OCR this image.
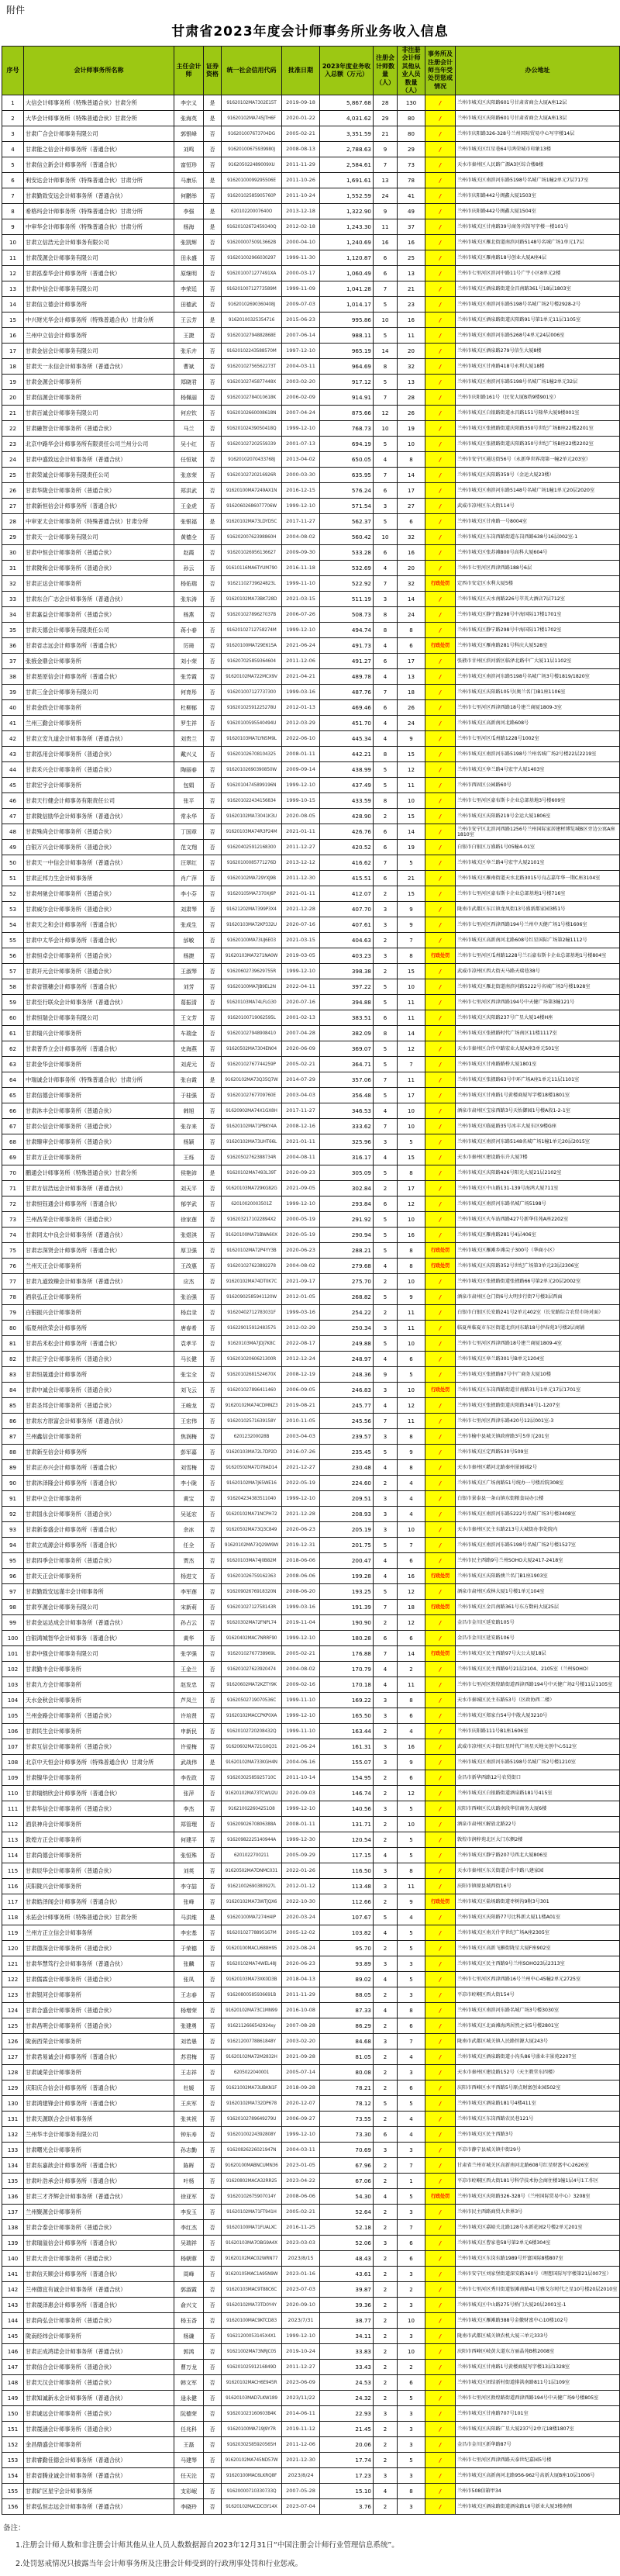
附件
甘肃省2023年度会计师事务所业务收入信息
序号	会计师事务所名称	主任会计师	证券资格	统一社会信用代码	批准日期	2023年度业务收入总额（万元）	注册会计师数量（人）	非注册会计师其他从业人员数量（人）	事务所及注册会计师当年受处罚惩戒情况	办公地址
1	大信会计师事务所（特殊普通合伙）甘肃分所	李宗义	是	91620102MA7302E15T	2019-09-18	5,867.68	28	130	/	兰州市城关区庆阳路601号甘肃省商会大厦A座12层
2	大华会计师事务所（特殊普通合伙）甘肃分所	张海英	是	91620102MA745JTH6F	2020-01-22	4,031.62	29	80	/	兰州市城关区庆阳路601号甘肃省商会大厦A座13层
3	甘肃广合会计师事务有限公司	郭银峰	否	916201007673704DG	2005-02-21	3,351.59	21	80	/	兰州市庆阳路326-328号兰州国际贸易中心写字楼14层
4	甘肃能之信会计师事务所（普通合伙）	刘鸣	否	91620100675939980J	2008-08-13	2,788.63	9	29	/	兰州市城关区红星巷64号鸿荣城市印象13楼
5	甘肃信立新会计师事务所（普通合伙）	富恒珍	否	916205022489009XU	2011-11-29	2,584.61	7	73	/	天水市秦州区人民路广源A3区综合楼8楼
6	利安达会计师事务所（特殊普通合伙）甘肃分所	马康乐	是	91620100099295506E	2011-10-26	1,691.61	13	78	/	兰州市城关区南滨河东路5198号名城广场1幢2单元7层717室
7	甘肃勤致安远会计师事务所（普通合伙）	何鹏举	否	91620102585905760P	2011-10-24	1,552.59	24	41	/	兰州市庆阳路442号闽鑫大厦1503室
8	希格玛会计师事务所（特殊普通合伙）甘肃分所	李强	是	62010220007640O	2013-12-18	1,322.90	9	49	/	兰州市庆阳路442号闽鑫大厦1504室
9	中审华会计师事务所（特殊普通合伙）甘肃分所	杨海	是	91620102672459340Q	2012-02-18	1,243.30	11	37	/	兰州市城关区甘南路39号商务宾馆写字楼一楼101号
10	甘肃立信浩元会计师事务有限公司	张凯辉	否	91620000750913662B	2000-04-10	1,240.69	16	16	/	兰州市城关区雁北街道南滨河路5148号名城广场1单元17层
11	甘肃茂源会计师事务有限公司	田永盛	否	916201002966030297	1999-11-30	1,120.87	6	25	/	兰州市城关区雁南路18号创业大厦A座4层
12	甘肃泓泰华会计师事务所（普通合伙）	原继明	否	9162010071277491XA	2000-03-17	1,060.49	6	13	/	兰州市七里河区滨河中路11号广宇小区8单元2楼
13	甘肃中信会计师事务有限公司	李荣廷	否	91620100712773589M	1999-11-09	1,041.28	7	21	/	兰州市城关区酒泉路街道金昌南路361号18层1803室
14	甘肃信立德会计师事务所	田德武	否	91620102690360408J	2009-07-03	1,014.17	5	23	/	兰州市城关区南滨河东路5198号名城广场2号楼2928-2号
15	中兴财光华会计师事务所（特殊普通合伙）甘肃分所	王云芳	是	91620100325354716	2015-06-23	995.86	10	16	/	兰州市城关区酒泉路街道庆阳路91号第1单元11层1105室
16	兰州中立信会计师事务所	王捷	否	91620102794882868E	2007-06-14	988.11	5	11	/	兰州市城关区南滨河东路5268号4单元24层006室
17	甘肃金信会计师事务有限公司	张乐卉	否	91620102243588570M	1997-12-10	965.19	14	20	/	兰州市城关区酒泉路279号信生大厦8楼
18	甘肃天一永信会计师事务所（普通合伙）	曹斌	否	91620102756562273T	2004-03-11	964.69	8	32	/	兰州市城关区甘南路418号永利大厦18楼
19	甘肃金源会计师事务所	郑晓君	否	91620102745877448X	2003-02-20	917.12	5	13	/	兰州市城关区南滨河东路5198号名城广场1幢2单元32层
20	甘肃信源会计师事务所	杨佩丽	否	91620102784010618K	2006-02-09	914.91	7	28	/	兰州市庆阳路161号（民安大厦B塔9楼901室）
21	甘肃百诚会计师事务有限公司	何应钦	否	91620102660008618N	2007-04-24	875.66	12	26	/	兰州市城关区白银路街道永昌路151号隆华大厦9楼001室
22	甘肃融智会计师事务所（普通合伙）	马兰	否	91620102439050418Q	1999-12-10	768.73	10	19	/	兰州市城关区张掖路街道庆阳路350号世纪广场B座22楼2201室
23	北京中路华会计师事务所有限责任公司兰州分公司	吴小红	否	916201027202559339	2001-07-13	694.19	5	10	/	兰州市城关区张掖路街道庆阳路350号世纪广场B座22楼2202室
24	甘肃中盛致远会计师事务所（普通合伙）	任恒斌	否	91620102070433768J	2013-04-02	650.05	4	8	/	兰州市安宁区通达街56号（永新华世界湾第一幢2单元203室）
25	甘肃荣诚会计师事务有限责任公司	张彦荣	否	91620102720216926R	2000-03-30	635.95	7	14	/	兰州市城关区庆阳路359号（金运大厦23楼）
26	甘肃华陇会计师事务所（普通合伙）	郑洪武	否	91620100MA7249AX1N	2016-12-15	576.24	6	17	/	兰州市城关区南滨河东路5148号名城广场1幢1单元20层2020室
27	甘肃新恒信会计师事务所（普通合伙）	王金虎	否	91620602686077706W	1999-12-10	571.54	3	27	/	武威市凉州区东大街114号
28	中审亚太会计师事务所（特殊普通合伙）甘肃分所	张银福	是	91620102MA73LDYD5C	2017-11-27	562.37	5	6	/	兰州市城关区甘南路一号8004室
29	甘肃天一会计师事务有限公司	黄德全	否	91620200762398860H	2004-08-02	560.42	10	32	/	兰州市城关区东岗西路街道东岗西路638号16层002室-1
30	甘肃中恒会计师事务所（普通合伙）	赵霞	否	916201026956136627	2009-09-30	533.28	6	16	/	兰州市城关区张苏滩800号高科大厦604号
31	甘肃陇和会计师事务所（普通合伙）	孙云	否	91610116MA6TYUM790	2016-11-18	532.69	4	20	/	兰州市七里河区西津西路188号6层
32	甘肃正达会计师事务所	杨佑瑞	否	91621102739624823L	1999-11-10	522.92	7	32	行政处罚	定西市安定区水利大厦5楼
33	甘肃东合广志会计师事务所（普通合伙）	张东涛	否	91620102MA73BK728D	2021-03-15	511.19	3	14	/	兰州市城关区天水南路226号萃英大酒店7层712室
34	甘肃嘉益会计师事务所（普通合伙）	杨燕	否	91620102789627037B	2006-07-26	508.73	8	24	/	兰州市城关区静宁路298号中海国际17楼1701室
35	甘肃天德会计师事务有限责任公司	蒋小春	否	91620102712758274M	1999-12-10	494.74	8	8	/	兰州市城关区静宁路298号中海国际17楼1702室
36	甘肃省志远会计师事务所（普通合伙）	厉琦	否	91620100MA729E615A	2021-06-24	491.73	4	6	行政处罚	兰州市城关区雁南路281号科庆大厦528室
37	张掖金鼎会计师事务所	刘小荣	否	916207025859364604	2011-12-06	491.27	6	17	/	张掖市甘州区滨河新区临泽北路中广大厦11层1102室
38	甘肃星原信会计师事务所（普通合伙）	张芳霞	否	91620102MA722MCX9V	2021-04-21	489.78	4	13	/	兰州市城关区南滨河东路5198号名城广场3号楼1819/1820室
39	甘肃三金会计师事务有限公司	何育彤	否	916201007127737300	1999-03-16	487.76	7	18	/	兰州市城关区庆阳路105号(奥兰名门)B1座1106室
40	甘肃金政会计师事务所	杜柳郁	否	91620102591225278U	2012-01-13	469.46	6	26	/	兰州市七里河区西津西路18号建兰商厦1809-3室
41	兰州三勤会计师事务所	罗生祥	否	91620100595540494U	2012-03-29	451.70	4	24	/	兰州市城关区高新南河北路608号
42	甘肃立安九道会计师事务所（普通合伙）	刘贵兰	否	91620103MA7LYN5M9L	2022-06-10	445.34	4	9	/	兰州市七里河区瓜州路1228号1002室
43	甘肃泓用会计师事务所（普通合伙）	戴兴义	否	916201026708104325	2008-01-11	442.21	8	15	/	兰州市城关区南滨河东路5198号兰州名城广场2号楼22层2219室
44	甘肃禾兴会计师事务所（普通合伙）	陶丽春	否	91620102690390850W	2009-09-14	438.99	5	12	/	兰州市城关区皋兰路4号宏宇大厦1403室
45	甘肃宏宇会计师事务所	包娟	否	91620104745899196N	1999-12-10	437.49	5	11	/	兰州市西固区公园路60号
46	甘肃天行健会计师事务有限责任公司	张平	否	916201022434156834	1999-10-15	433.59	8	10	/	兰州市七里河区豪布斯卡企业总部基地3号楼609室
47	甘肃陇信励华会计师事务所（普通合伙）	常永华	否	91620102MA73041K3U	2020-08-05	428.90	2	15	/	兰州市城关区庆阳路219号金运大厦1806室
48	甘肃殊尚会计师事务所（普通合伙）	丁国章	否	91620103MA74R3P24M	2021-01-11	426.76	6	14	/	兰州市安宁区北滨河西路1256号兰州国际家居建材博览城B区旁边公寓A座1810室
49	白银万兴会计师事务所（普通合伙）	范文翔	否	916204025912168300	2011-12-27	420.52	6	19	/	白银市白银区万盛路1号05幢4-01室
50	甘肃天一中信会计师事务所（普通合伙）	汪翠红	否	91620100085771276D	2013-12-12	416.62	7	5	/	兰州市城关区皋兰路4号宏宇大厦2101室
51	甘肃正邦力生会计师事务所	肖广萍	否	91620102MA729YXJ9B	2011-12-30	415.51	6	21	/	兰州市城关区雁南街道天水北路3015号良志嘉年华一期C座3104室
52	甘肃州驰会计师事务所（普通合伙）	李小芬	否	91620105MA7370XJ6P	2021-01-11	412.07	2	15	/	兰州市七里河区豪布斯卡企业总部基地1号楼716室
53	甘肃威尔会计师事务所（普通合伙）	刘肃琴	否	91621202MA7399P3X4	2021-12-28	407.70	3	9	/	陇南市武都区东江镇龙凤街13号盛新都家园3栋1号
54	甘肃天之和会计师事务所（普通合伙）	张成生	否	91620103MA72KP332U	2020-07-16	407.61	3	9	/	兰州市七里河区西津西路194号兰州中天健广场1号楼1606室
55	甘肃中太华会计师事务所（普通合伙）	邰敏	否	91620100MA73UJ6E03	2021-03-15	404.63	2	7	/	兰州市城关区高新南河北路608号红星国际广场第2幢1112号
56	甘肃恒卓会计师事务所（普通合伙）	杨捷	否	91620103MA7271NA0W	2019-03-05	403.23	3	8	行政处罚	兰州市七里河区瓜州路1228号兰石豪布斯卡企业总部基地1号楼804室
57	甘肃开元会计师事务所（普通合伙）	王淑琴	否	91620602739629755R	1999-12-10	398.38	2	15	/	武威市凉州区西大街天马路天瑞巷38号
58	甘肃省银穗会计师事务所（普通合伙）	刘芳	否	91620100MA7JB9EL2N	2022-04-11	397.22	5	10	/	兰州市城关区雁北街道南滨河路5222号名城广场3号楼1928室
59	甘肃至行联众会计师事务所（普通合伙）	葛振清	否	91620103MA74LFLG30	2020-07-16	394.88	5	11	/	兰州市七里河区西津西路194号中天健广场第3幢121号
60	甘肃恒瑞会计师事务有限公司	王文芳	否	91620100719062595L	2001-02-13	383.51	6	11	/	兰州市城关区庆阳路237号广星大厦14楼H座
61	甘肃瑞兴会计师事务所	车瑞金	否	916201027948908410	2007-04-28	382.09	8	14	/	兰州市城关区张掖路时代广场南区11楼1117室
62	甘肃普乔立会计师事务所（普通合伙）	史海燕	否	91620502MA7304EN04	2020-06-09	369.07	5	12	/	天水市秦州区合作中路宏业大厦A座3单元501室
63	甘肃金华会计师事务所	刘虎元	否	91620102767744259P	2005-02-21	364.71	5	7	/	兰州市城关区甘南路路桥大厦1801室
64	中瑞诚会计师事务所（特殊普通合伙）甘肃分所	张自霞	是	91620102MA73Q35Q7W	2014-07-29	357.06	7	11	/	兰州市城关区张掖路63号中环广场A座1单元11层1101室
65	甘肃信德会计师事务所	于桂强	否	91620102767709760E	2003-04-03	356.48	5	17	/	兰州市城关区甘南路1号黄楼商厦写字楼18楼1801室
66	甘肃沐丰会计师事务所（普通合伙）	韩旭	否	91620902MA74X1GX8H	2017-11-27	346.53	4	10	/	酒泉市肃州区宝泉西路3号天怡御园1号楼A段1-2-1室
67	甘肃公信会计师事务所（普通合伙）	张存来	否	91620102MA71PBKY4A	2008-12-16	333.62	7	10	/	兰州市城关区临夏路35号冰丰大厦东区9楼G座
68	甘肃臻审会计师事务所（普通合伙）	杨颖	否	91620102MA73UHT66L	2021-01-11	325.96	3	5	/	兰州市城关区南滨河东路5148名城广场1幢1单元20层2015室
69	甘肃方正会计师事务所	王烁	否	91620502762388734R	2004-08-11	316.17	4	15	/	天水市秦州区建设路东升大厦7楼
70	鹏通会计师事务所（特殊普通合伙）甘肃分所	侯艳沛	是	91620102MA7493L39T	2020-09-23	305.09	5	8	/	兰州市城关区庆阳路426号阳光大厦21层2102室
71	甘肃方信浩远会计师事务所（普通合伙）	刘天平	否	91620103MA729KG82G	2021-09-05	302.84	2	17	/	兰州市城关区中山路131-139号海鸿大厦711室
72	甘肃恒钰通会计师事务所（普通合伙）	郁学武	否	62010020003501Z	1999-12-10	293.84	6	12	/	兰州市城关区南滨河东路名城广场5198号
73	兰州昌荣会计师事务所（普通合伙）	徐家莲	否	9162032171022894X2	2000-05-19	291.92	5	10	/	兰州市城关区火车站西路427号新华佳苑A座2202室
74	甘肃同太中良会计师事务所（普通合伙）	张煜淇	否	91620100MA71BWA60X	2020-05-19	290.94	5	16	/	兰州市城关区雁南路281号4层406室
75	甘肃志深贤会计师事务所（普通合伙）	厚卫强	否	91620102MA72P4YY3B	2020-06-23	288.21	5	8	行政处罚	兰州市城关区雁滩乡滩尖子300号（华商小区）
76	兰州天正会计师事务所	王改惠	否	916201027623892278	2004-08-02	279.68	4	8	行政处罚	兰州市城关区庆阳路352号世纪广场第3单元23层2306室
77	甘肃九道致臻会计师事务所（普通合伙）	应杰	否	91620102MA74DT0K7C	2021-09-17	275.70	2	10	/	兰州市城关区张掖路街道张掖路66号第2单元20层2002室
78	酒泉弘正会计师事务所	张治强	否	91620902585941120W	2012-01-05	268.82	5	9	/	酒泉市肃州区仓门街6号大明步行街7号楼3层西面
79	白银振兴会计师事务所	杨启录	否	91620402712783031F	1999-03-16	254.22	2	11	/	白银市白银区长安路241号2单元402室（长安路综合农贸市场对面）
80	临夏州欣荣会计师事务所	唐春希	否	91622901591248357S	2012-02-29	250.34	3	11	/	临夏州临夏市东区街道北滨河东路18号伊春苑3号楼2层商铺
81	甘肃岳禾松会计师事务所（普通合伙）	袁孝平	否	91620103MA7JDJ7K8C	2022-08-17	249.88	5	10	/	兰州市七里河区西津西路18号建兰商厦1809-4室
82	甘肃正宇会计师事务所（普通合伙）	马长健	否	91620102060621300R	2012-12-24	248.97	4	6	/	兰州市城关区皋兰路301号B单元1204室
83	甘肃恒晟通会计师事务所	张宝全	否	91620102681524670X	2008-12-19	248.36	9	5	/	兰州市城关区张掖路87号中广商务大厦10楼
84	甘肃中诚会计师事务所（普通合伙）	刘飞云	否	916201027896411460	2006-09-05	246.83	3	10	行政处罚	兰州市城关区东岗西路街道甘南路31号1单元17层1701室
85	甘肃圣邦会计师事务所（普通合伙）	王峻龙	否	91620102MA74CDMNZ3	2019-08-21	245.77	4	12	/	兰州市城关区张掖路街道庆阳路348号1-1207室
86	甘肃东方原富会计师事务所（普通合伙）	王宏伟	否	91620102571639158Y	2010-11-05	245.56	7	11	/	兰州市七里河区西津东路420号12层001室-3
87	兰州鑫信会计师事务所	焦润梅	否	620123200028B	2003-04-03	239.57	3	8	/	兰州市榆中县城关镇政府路3号5单元201室
88	甘肃新至信会计师事务所	彭军嘉	否	91620103MA72L7DP2D	2016-07-26	235.45	5	9	/	兰州市城关区定西路530号509室
89	甘肃正亦兴会计师事务所（普通合伙）	刘雪梅	否	91620502MA7D78AD14	2021-12-27	230.48	4	8	/	天水市秦州区藉河北路秦州景园城2号
90	甘肃沐泽隆会计师事务所（普通合伙）	李小陇	否	91620102MA7J65WE16	2022-05-19	224.60	2	4	/	兰州市城关区广场南路51号统办一号楼后院308室
91	甘肃中立会计师事务所	黄宝	否	916204234383511040	1999-12-10	209.51	3	4	/	白银市景泰县一条山镇东街粮食局办公楼
92	甘肃国永会计师事务所（普通合伙）	吴延宏	否	91620102MA71NCPH72	2021-12-28	208.93	3	4	/	兰州市城关区南滨河东路5222号名城广场3号楼3408室
93	甘肃新泰盛会计师事务所（普通合伙）	余冰	否	91620502MA73Q3C849	2020-06-23	205.19	3	10	/	天水市秦州区民主东路213号大城街办事处院内
94	甘肃立成源会计师事务所（普通合伙）	任全	否	91620102MA73Q29W9W	2019-12-31	201.75	5	7	/	兰州市城关区南滨河东路5198号名城广场2号楼1527室
95	甘肃四季会计师事务所（普通合伙）	贾杰	否	91620103MA74J0B82M	2018-06-06	200.47	4	6	/	兰州市民主西路9号兰州SOHO大厦2417-2418室
96	甘肃天正会计师事务所	杨进文	否	916201026759162363	2008-06-06	199.28	4	16	行政处罚	兰州市城关区庆阳路澳兰名门B1座1903室
97	甘肃勤致安远谨丰会计师事务所	李军莲	否	91620902676918320N	2008-06-20	193.25	5	12	/	酒泉市肃州区成林大厦1号楼1单元104室
98	甘肃亨源会计师事务有限公司	宋新莉	否	91620102712758143R	1999-03-16	191.39	7	18	行政处罚	兰州市城关区金昌南路361号东方数码大厦25层
99	甘肃金运达成会计师事务所（普通合伙）	孙占云	否	91620302MA72FNPL74	2019-11-04	190.90	2	12	/	金昌市金川区延安路105号
100	白银鸿城智华会计师事务（普通合伙）	黄华	否	91620402MAC7NRRF90	1999-12-10	180.28	6	6	/	金昌市金川区延安路106号
101	甘肃中强会计师事务有限公司	张学强	否	91620102767738969L	2005-02-21	176.88	7	14	行政处罚	兰州市城关区民主西路97号大公大厦18层
102	甘肃勤丰会计师事务所	王金兰	否	916201027623920474	2004-08-02	170.79	4	2	/	兰州市城关区民主西路9号21层2104、2105室（兰州SOHO）
103	甘肃九方会计师事务所	赵发忠	否	91620602MA72KZTY9K	2009-02-16	170.18	4	11	/	兰州市七里河区敦煌路街道西津西路194号中天健广场2号楼11层1105室
104	天水金秋会计师事务所	芦凤兰	否	91620502719070536C	1999-11-10	169.22	3	8	/	天水市秦城区民主东路53号（区政协西二楼）
105	兰州金路会计师事务所（普通合伙）	许培贤	否	91620102MACCPKP0XA	1999-12-10	165.50	3	6	/	兰州市城关区郑家台54号中散大厦3210号
106	甘肃民生会计师事务所	申新民	否	91620102720208432Q	1999-11-10	163.44	2	4	/	兰州市庆阳路111号B1座1606室
107	甘肃互信会计师事务所（普通合伙）	许爱梅	否	91620602MA721G0Q31	2021-06-24	161.31	3	16	/	武威市凉州区天丰街红星时代广场星天地文创中心512室
108	北京中天恒会计师事务所（特殊普通合伙）甘肃分所	武战伟	是	91620102MA733KGH4N	2004-06-16	155.07	3	9	/	兰州市城关区南滨河东路5198号名城广场2号楼1210室
109	甘肃镍华会计师事务所	李佐政	否	91620302585925710C	2011-10-14	154.95	2	6	/	金昌市新华西路12号农贸街口
110	甘肃瑞纳欣会计师事务所（普通合伙）	张萍	否	91620102MA73TCWU2U	2020-09-03	146.74	2	12	/	兰州市城关区白银路街道酒泉路181号415室
111	甘肃华信会计师事务所（普通合伙）	李杰	否	916210022604251O8	1999-12-10	140.56	3	5	/	庆阳市西峰区长庆路南段华信商务大厦6楼
112	酒泉神舟会计师事务所	郑管理	否	91620902670806388A	2008-01-11	131.71	2	10	/	酒泉市肃州区解放北路22号
113	敦煌方正会计师事务所	何建平	否	91620982225140944A	1999-12-30	120.54	2	5	/	敦煌市润梓苑北区大门东侧2楼
114	甘肃尚德会计师事务所	张恒殊	否	6201022700211	2005-09-29	117.15	4	5	/	兰州市城关区静宁路207号西北大厦806室
115	甘肃辰华会计师事务所（普通合伙）	刘英	否	91620502MA7DNMC031	2022-01-26	116.50	3	8	/	天水市秦州区东关街道合作中路八建家园
116	庆阳陇兴会计师事务所	李守喆	否	91621002690380927L	2012-01-12	113.48	3	11	/	庆阳市镇原县城西街16号
117	甘肃皓泽闻会计师事务所（普通合伙）	张峰	否	91620102MA73WTJQX6	2022-10-30	112.66	2	9	行政处罚	兰州市城关区盐场路街道枣树沟9附3号301
118	永拓会计师事务所（特殊普通合伙）甘肃分所	马洪维	是	91620100MA7274H4IP	2020-03-24	107.67	5	4	/	兰州市城关区庆阳路77号比科新大厦11楼A01室
119	兰州方正立信会计师事务所	李宏基	否	91620102778895167M	2005-12-02	103.82	4	5	/	兰州市城关区南关什字世纪广场A座2305室
120	甘肃德深会计师事务所（普通合伙）	于荣德	否	91620100MACU688H95	2023-08-24	95.70	2	5	/	兰州市城关区高新飞雁街陇星大厦F座902室
121	甘肃华慧笃行会计师事务所（普通合伙）	张麟	否	91620102MA74WEL48J	2020-06-23	93.89	3	3	/	兰州市城关区民主西路9号兰州SOHO23层2313室
122	甘肃儒霖会计师事务所（普通合伙）	张凤	否	91620103MA73XK0D3B	2018-04-13	89.02	4	5	/	兰州市七里河区西津西路16号兰州中心45幢2单元2725室
123	甘肃银河会计师事务所	王志春	否	91620800585936691B	2011-11-29	88.05	2	3	/	平凉市崆峒区西大街154号
124	甘肃合盛会计师事务所（普通合伙）	杨增荣	否	91620102MA73C1MN99	2016-10-08	87.33	4	8	/	兰州市城关区南滨河东路名城广场3号楼3030室
125	甘肃昌明会计师事务所（普通合伙）	张建勇	否	9162112666542924xy	2007-08-28	86.29	2	6	/	兰州市城关区北面滩海鸿居然之家5号楼2801室
126	陇南西荣会计师事务所	刘若愚	否	91621200778861848Y	2003-02-20	84.68	3	7	/	陇南市武都区城关镇人民路恒源大厦243号
127	甘肃君易诚会计师事务所（普通合伙）	苏君梅	否	91620102MA72M2832H	2021-09-28	81.05	2	4	/	兰州市城关区酒泉路街道小沟头86号盛业丰景苑2207室
128	甘肃诚荣会计师事务所	王志祥	否	6205022040001	2005-07-14	80.08	2	3	/	天水市秦州区建设路152号（天主教堂东四楼）
129	庆阳庆合信会计师事务所（普通合伙）	杜媛	否	91621002MA73UBKN1F	2018-09-28	78.21	2	6	/	庆阳市西峰区水平西路5号原点财富创业园502室
130	甘肃鸿建锋会计师事务所（普通合伙）	王庆军	否	91620102MA732DP678	2020-12-07	78.12	5	5	/	兰州市城关区酒泉路181号4楼411室
131	甘肃天源联合会计师事务所	张其祝	否	91620102789649279U	2006-09-27	73.55	2	4	/	兰州市城关区东岗西路农民巷121号
132	兰州华丰会计师事务有限公司	钟东寿	否	91620100224392808Y	1999-12-10	73.30	6	4	/	兰州市城关区民主西路3号
133	甘肃曙光会计师事务所	孙志勤	否	91620826226021947N	2004-03-11	70.69	3	3	/	平凉市静宁县城关镇中街29号
134	甘肃东嘉歆会计师事务所（普通合伙）	陈晖	否	91620100MABNCUMN36	2023-01-05	67.96	2	7	/	甘肃省兰州市城关区高新南河北路608号红星财富中心2626室
135	甘肃叶浩承会计师事务所（普通合伙）	叶杨	否	91620802MACA32RR25	2023-04-22	67.06	2	1	/	平凉市崆峒区西大街181号科学技术协会商住楼1幢1层4号1工作区
136	甘肃三才齐辉会计师事务所（普通合伙）	徐亚军	否	91620102675907014Y	2008-06-06	54.30	4	5	行政处罚	兰州市城关区庆阳路326-328号（兰州国际贸易中心）3208室
137	兰州聚源会计师事务所	李发玉	否	91620102MA71FT941H	2005-02-21	52.64	2	3	/	兰州市民主西路商贸大世界3号
138	甘肃合泰会计师事务所（普通合伙）	李红杰	否	91620100MA71FUALXC	2016-11-25	52.18	2	7	/	兰州市城关区嘉峪关北路128号永新花园2号楼2单元201室
139	甘肃瑞溢信会计师事务所（普通合伙）	吴瑞祥	否	91620103MA7OBG9A4X	2023-03-03	52.06	3	6	/	兰州市城关区曹家巷58号第2单元6楼304室
140	甘肃大音会计师事务所（普通合伙）	杨朝蓉	否	91620102MAC02WRN77	2023/8/15	48.43	2	6	/	兰州市城关区东岗东路1989号开富国际8楼807室
141	甘肃信天顺会计师事务所（普通合伙）	周峰	否	91620105MAC1A95N9W	2023-01-16	43.61	2	3	/	兰州市安宁区刘家堡街道深安路360号（理想国际写字楼第21层007室）
142	兰州德宜有诚会计师事务所（普通合伙）	郭淑霞	否	91620103MAC9T88C6C	2023-07-03	39.87	2	2	/	兰州市七里河区秀川街道银滩南路41号雅戈尔时代之星10号楼20层2010室
143	甘肃晟泽惠会计师事务所（普通合伙）	俞兴文	否	91620102MA73TD0Y4Y	2020-09-10	39.36	2	3	/	兰州市城关区中山路275号桥门大厦20层2001室-1
144	甘肃尚弘会计师事务所（普通合伙）	杨玉香	否	91620100MAC9KTCD83	2023/7/31	38.77	2	10	/	兰州市城关区雁滩路388号金徽财富中心10楼102号
145	陇南经纬会计师事务所	杨谦	否	91621200053145X4X1	1999-12-10	34.11	2	3	/	陇南市武都区城关镇农机大厦三单元333号
146	甘肃正成鸿诺会计师事务所（普通合伙）	郭鸿	否	91621002MA73NRJC05	2019-10-24	33.83	2	10	/	庆阳市西峰区岐黄大道东方丽晶苑B栋2008室
147	甘肃信合会计师事务所（普通合伙）	曹万龙	否	91620102591216849D	2011-12-27	33.43	2	2	/	兰州市城关区甘南路1号黄楼商厦写字楼13层1328室
148	甘肃天汉会计师事务所（普通合伙）	韩文军	否	91620102MACH6E945R	2023-06-09	24.53	2	6	/	兰州市城关区团结新村街道排洪南路811号1层109室
149	甘肃知诚新永会计师事务所（普通合伙）	逯永健	否	91620103MAD7LKW189	2023/11/22	24.32	2	5	/	兰州市七里河区敦煌路街道西津西路194号中天健广场9号楼805室
150	甘肃诚远会计师事务所（普通合伙）	阮德荣	否	916201023160603B4K	2014-06-11	22.93	3	3	/	兰州市城关区甘南路707号101室
151	甘肃晟涵会计师事务所（普通合伙）	任兆科	否	91620100MA719J9Y7R	2019-11-12	21.45	2	3	/	兰州市城关区庆阳路广星大厦237号2单元18楼1807室
152	金昌鼎盛会计师事务所	王磊	否	91620302585920565H	2011-12-06	20.06	2	3	/	金昌市金川区新华路87号
153	甘肃睿勤佳德会计师事务所（普通合伙）	马建琴	否	91620102MA745ND57W	2021-12-30	17.74	2	5	/	兰州市七里河区西津西路天泰世纪嘉园5号楼
154	甘肃省腾业诚会计师事务所（普通合伙）	任天沦	否	91620100MAC6LKRQ8F	2023/8/24	17.23	3	3	/	兰州市城关区高新南河北路956-962号高新大厦B座10层1006号
155	甘肃矿区星宇会计师事务所	支彩岷	否	91620000710330733Q	2007-05-28	15.10	4	8	/	兰州市508信箱甲34
156	甘肃弘恒志远会计师事务所（普通合伙）	李晓玲	否	91620102MACDCGY14X	2023-07-04	3.76	2	3	/	兰州市城关区酒泉路街道酒泉路16号新业大厦3楼南侧
备注：
1.注册会计师人数和非注册会计师其他从业人员人数数据源自2023年12月31日“中国注册会计师行业管理信息系统”。
2.处罚惩戒情况只披露当年会计师事务所及注册会计师受到的行政刑事处罚和行业惩戒。
